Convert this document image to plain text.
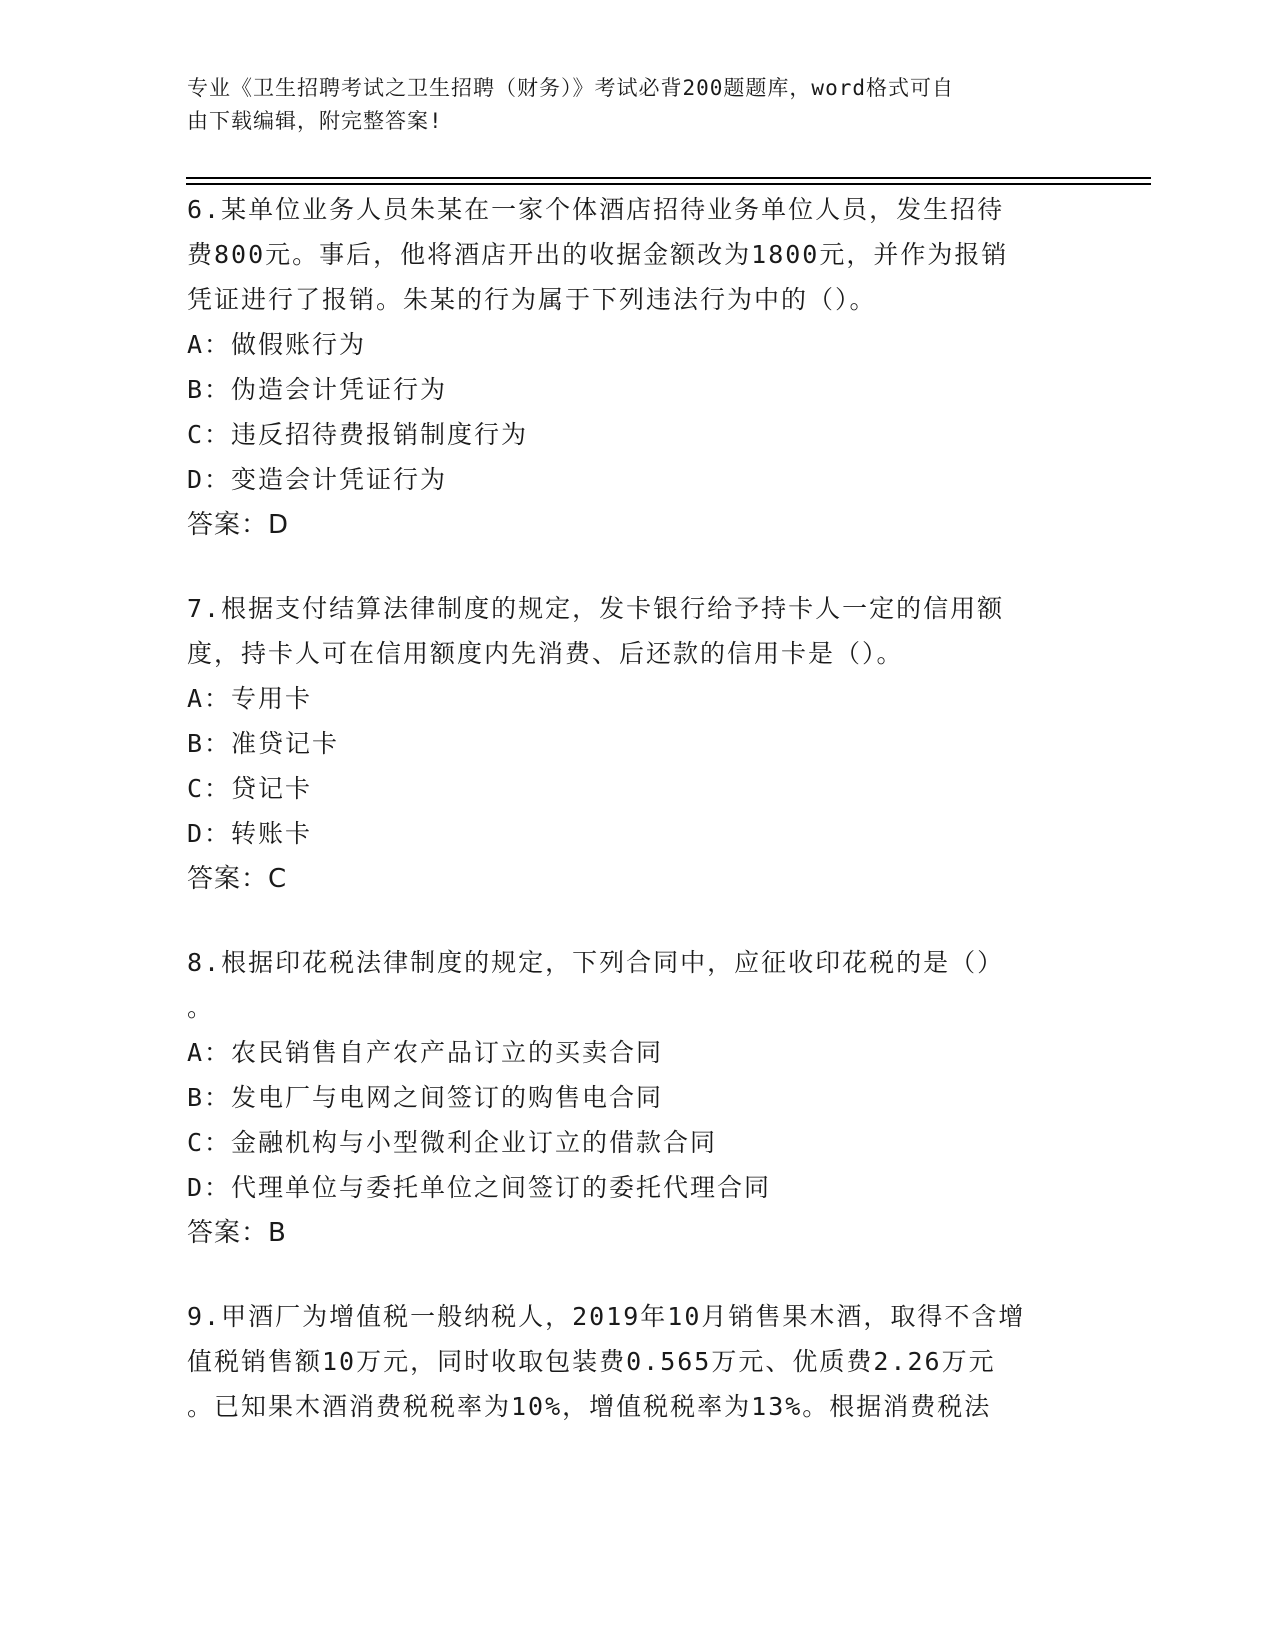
专业《卫生招聘考试之卫生招聘（财务）》考试必背200题题库，word格式可自
由下载编辑，附完整答案!

6.某单位业务人员朱某在一家个体酒店招待业务单位人员，发生招待

费800元。事后，他将酒店开出的收据金额改为1800元，并作为报销

凭证进行了报销。朱某的行为属于下列违法行为中的（）。

A：做假账行为

B：伪造会计凭证行为

C：违反招待费报销制度行为

D：变造会计凭证行为

答案：D

7.根据支付结算法律制度的规定，发卡银行给予持卡人一定的信用额

度，持卡人可在信用额度内先消费、后还款的信用卡是（）。

A：专用卡

B：准贷记卡

C：贷记卡

D：转账卡

答案：C

8.根据印花税法律制度的规定，下列合同中，应征收印花税的是（）

。

A：农民销售自产农产品订立的买卖合同

B：发电厂与电网之间签订的购售电合同

C：金融机构与小型微利企业订立的借款合同

D：代理单位与委托单位之间签订的委托代理合同

答案：B

9.甲酒厂为增值税一般纳税人，2019年10月销售果木酒，取得不含增

值税销售额10万元，同时收取包装费0.565万元、优质费2.26万元

。已知果木酒消费税税率为10%，增值税税率为13%。根据消费税法
